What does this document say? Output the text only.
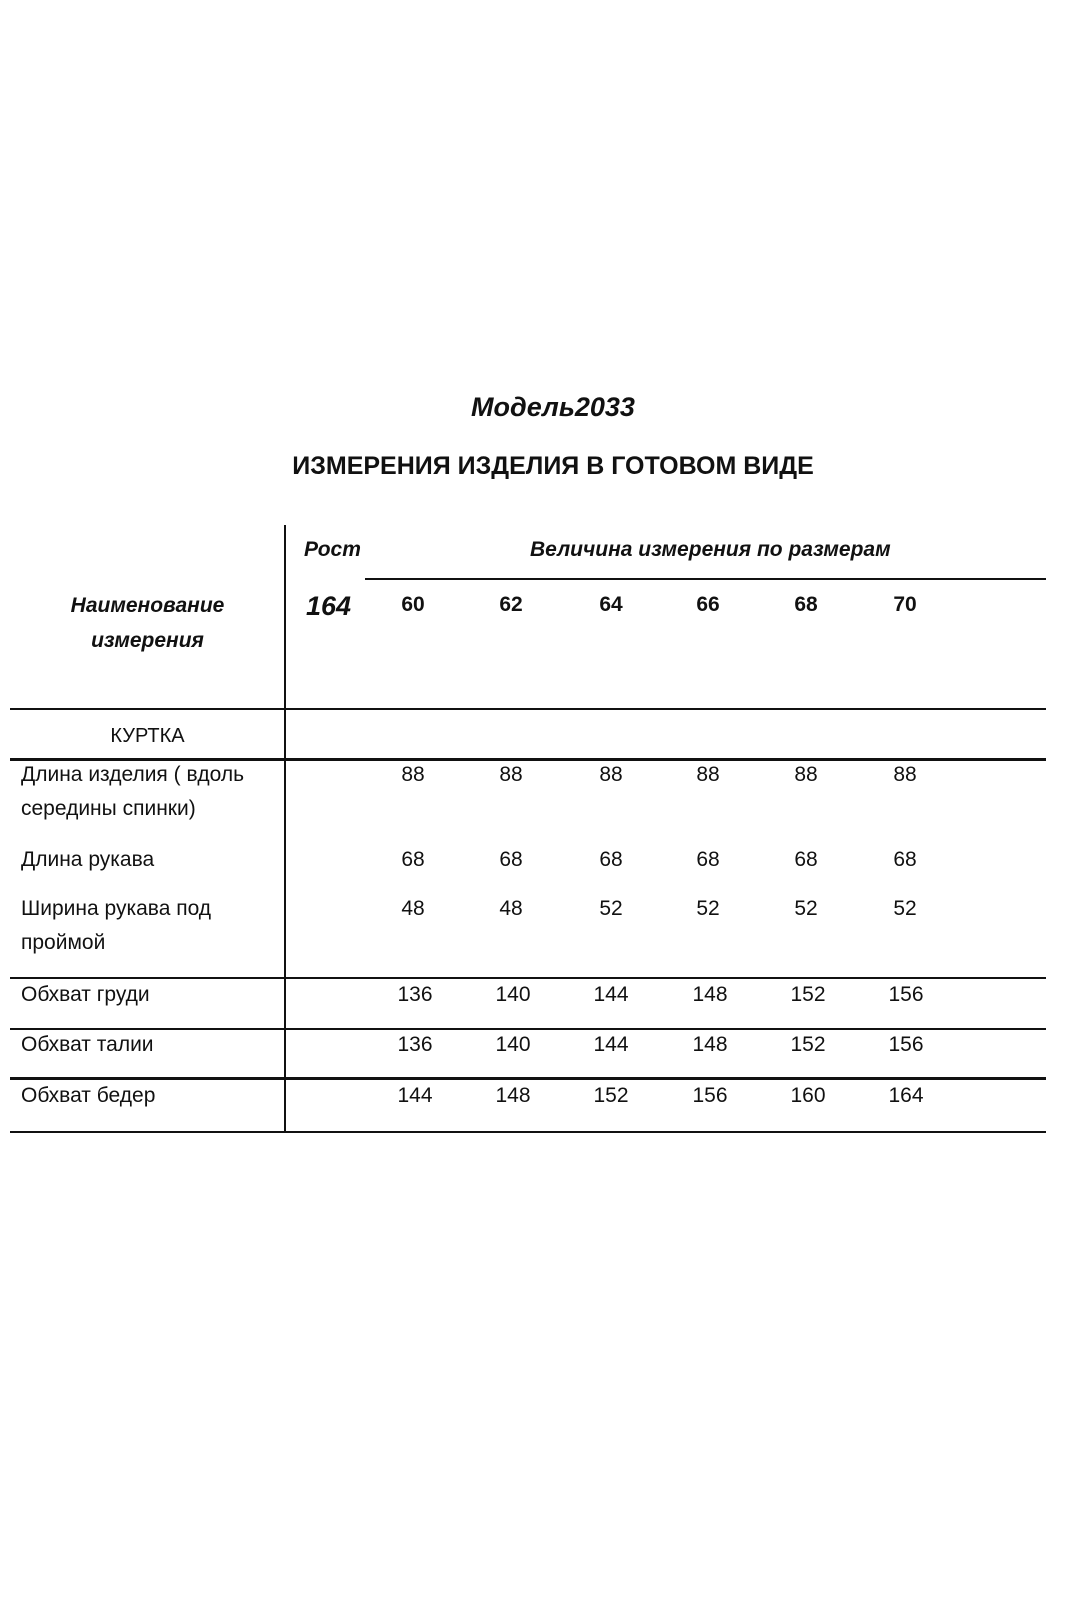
Модель2033
ИЗМЕРЕНИЯ ИЗДЕЛИЯ В ГОТОВОМ ВИДЕ
Наименование
измерения
Рост
164
Величина измерения по размерам
60	62	64	66	68	70
КУРТКА
Длина изделия ( вдоль
середины спинки)
88	88	88	88	88	88
Длина рукава	68	68	68	68	68	68
Ширина рукава под
проймой
48	48	52	52	52	52
Обхват груди	136	140	144	148	152	156
Обхват талии	136	140	144	148	152	156
Обхват бедер	144	148	152	156	160	164
